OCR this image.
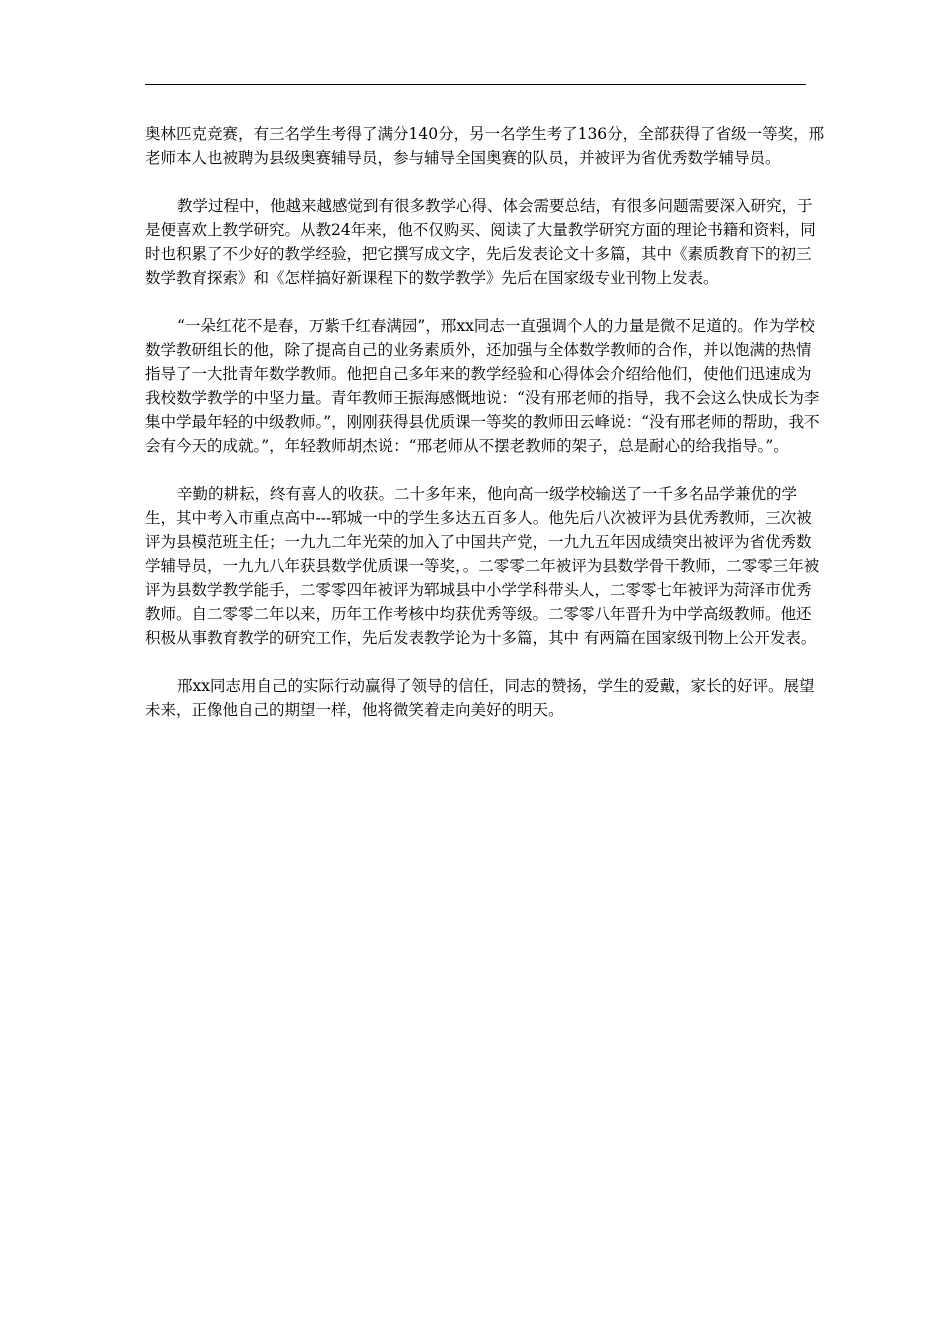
奥林匹克竞赛，有三名学生考得了满分140分，另一名学生考了136分，全部获得了省级一等奖，邢老师本人也被聘为县级奥赛辅导员，参与辅导全国奥赛的队员，并被评为省优秀数学辅导员。

教学过程中，他越来越感觉到有很多教学心得、体会需要总结，有很多问题需要深入研究，于是便喜欢上教学研究。从教24年来，他不仅购买、阅读了大量教学研究方面的理论书籍和资料，同时也积累了不少好的教学经验，把它撰写成文字，先后发表论文十多篇，其中《素质教育下的初三数学教育探索》和《怎样搞好新课程下的数学教学》先后在国家级专业刊物上发表。

“一朵红花不是春，万紫千红春满园”，邢xx同志一直强调个人的力量是微不足道的。作为学校数学教研组长的他，除了提高自己的业务素质外，还加强与全体数学教师的合作，并以饱满的热情指导了一大批青年数学教师。他把自己多年来的教学经验和心得体会介绍给他们，使他们迅速成为我校数学教学的中坚力量。青年教师王振海感慨地说：“没有邢老师的指导，我不会这么快成长为李集中学最年轻的中级教师。”，刚刚获得县优质课一等奖的教师田云峰说：“没有邢老师的帮助，我不会有今天的成就。”，年轻教师胡杰说：“邢老师从不摆老教师的架子，总是耐心的给我指导。”。

辛勤的耕耘，终有喜人的收获。二十多年来，他向高一级学校输送了一千多名品学兼优的学生，其中考入市重点高中---郓城一中的学生多达五百多人。他先后八次被评为县优秀教师，三次被评为县模范班主任；一九九二年光荣的加入了中国共产党，一九九五年因成绩突出被评为省优秀数学辅导员，一九九八年获县数学优质课一等奖，。二零零二年被评为县数学骨干教师，二零零三年被评为县数学教学能手，二零零四年被评为郓城县中小学学科带头人，二零零七年被评为菏泽市优秀教师。自二零零二年以来，历年工作考核中均获优秀等级。二零零八年晋升为中学高级教师。他还积极从事教育教学的研究工作，先后发表教学论为十多篇，其中 有两篇在国家级刊物上公开发表。

邢xx同志用自己的实际行动赢得了领导的信任，同志的赞扬，学生的爱戴，家长的好评。展望未来，正像他自己的期望一样，他将微笑着走向美好的明天。
